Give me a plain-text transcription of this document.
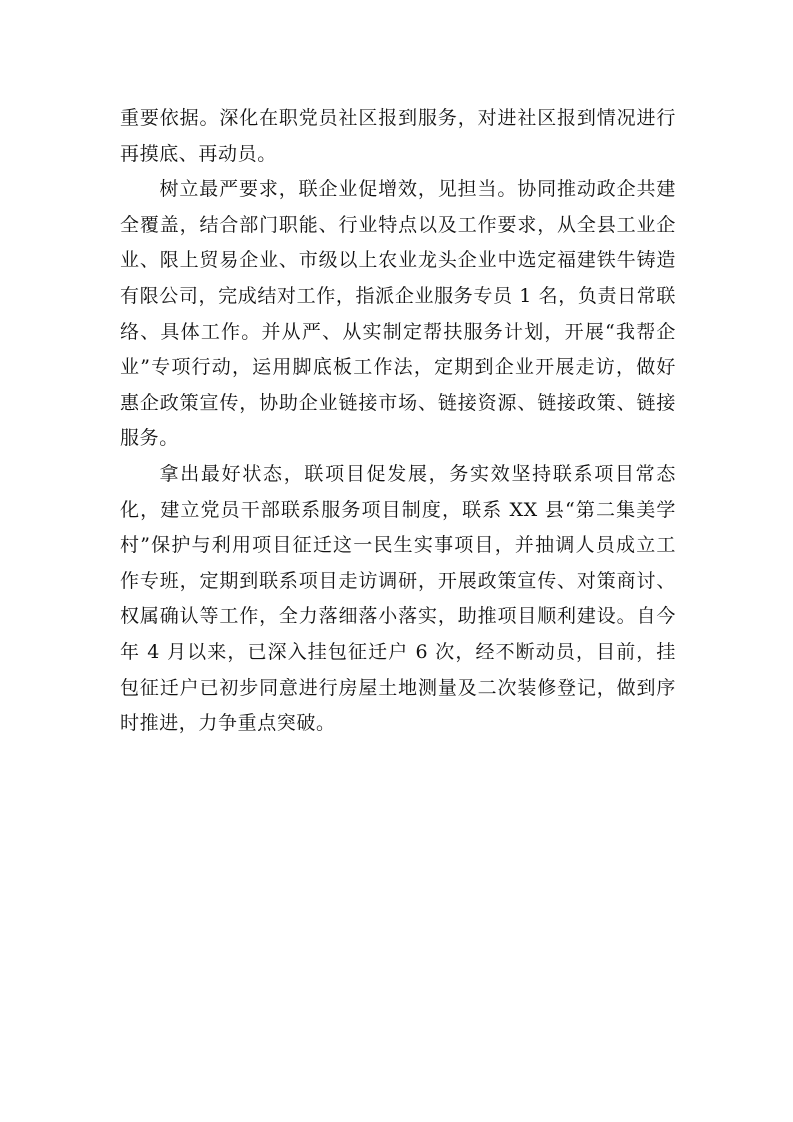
重要依据。深化在职党员社区报到服务，对进社区报到情况进行再摸底、再动员。

树立最严要求，联企业促增效，见担当。协同推动政企共建全覆盖，结合部门职能、行业特点以及工作要求，从全县工业企业、限上贸易企业、市级以上农业龙头企业中选定福建铁牛铸造有限公司，完成结对工作，指派企业服务专员 1 名，负责日常联络、具体工作。并从严、从实制定帮扶服务计划，开展“我帮企业”专项行动，运用脚底板工作法，定期到企业开展走访，做好惠企政策宣传，协助企业链接市场、链接资源、链接政策、链接服务。

拿出最好状态，联项目促发展，务实效坚持联系项目常态化，建立党员干部联系服务项目制度，联系 XX 县“第二集美学村”保护与利用项目征迁这一民生实事项目，并抽调人员成立工作专班，定期到联系项目走访调研，开展政策宣传、对策商讨、权属确认等工作，全力落细落小落实，助推项目顺利建设。自今年 4 月以来，已深入挂包征迁户 6 次，经不断动员，目前，挂包征迁户已初步同意进行房屋土地测量及二次装修登记，做到序时推进，力争重点突破。
